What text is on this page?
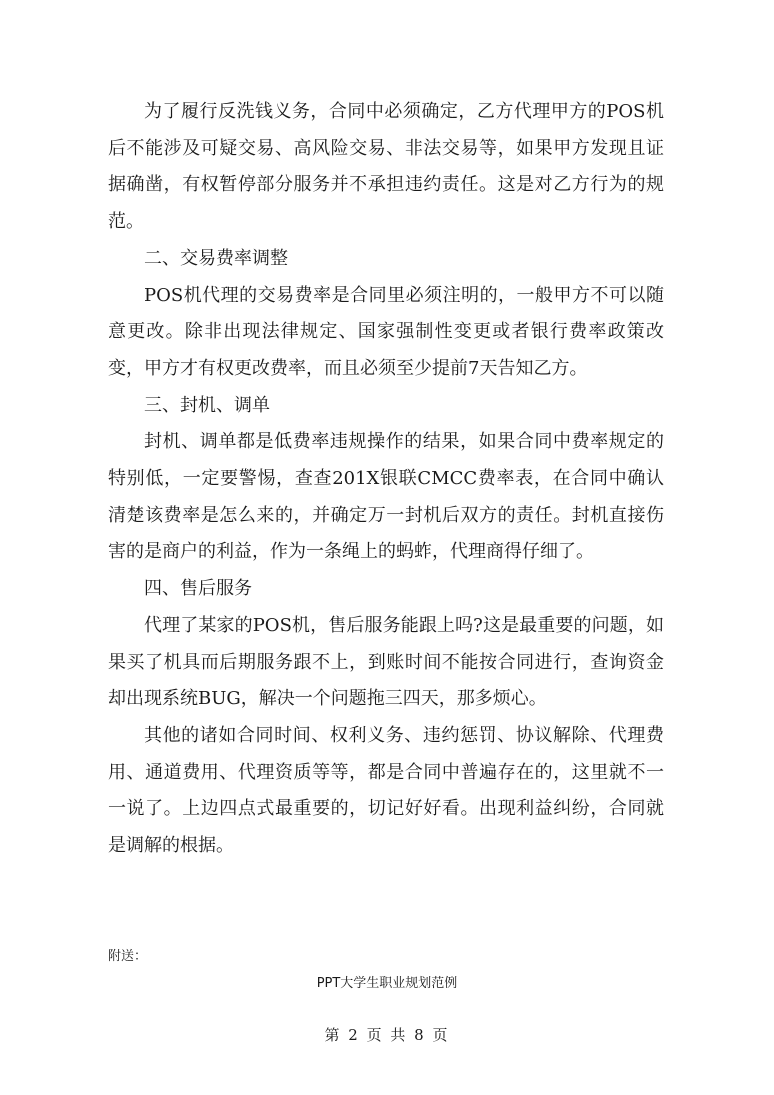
为了履行反洗钱义务，合同中必须确定，乙方代理甲方的POS机后不能涉及可疑交易、高风险交易、非法交易等，如果甲方发现且证据确凿，有权暂停部分服务并不承担违约责任。这是对乙方行为的规范。

二、交易费率调整

POS机代理的交易费率是合同里必须注明的，一般甲方不可以随意更改。除非出现法律规定、国家强制性变更或者银行费率政策改变，甲方才有权更改费率，而且必须至少提前7天告知乙方。

三、封机、调单

封机、调单都是低费率违规操作的结果，如果合同中费率规定的特别低，一定要警惕，查查201X银联CMCC费率表，在合同中确认清楚该费率是怎么来的，并确定万一封机后双方的责任。封机直接伤害的是商户的利益，作为一条绳上的蚂蚱，代理商得仔细了。

四、售后服务

代理了某家的POS机，售后服务能跟上吗?这是最重要的问题，如果买了机具而后期服务跟不上，到账时间不能按合同进行，查询资金却出现系统BUG，解决一个问题拖三四天，那多烦心。

其他的诸如合同时间、权利义务、违约惩罚、协议解除、代理费用、通道费用、代理资质等等，都是合同中普遍存在的，这里就不一一说了。上边四点式最重要的，切记好好看。出现利益纠纷，合同就是调解的根据。

附送：
PPT大学生职业规划范例
第 2 页 共 8 页
